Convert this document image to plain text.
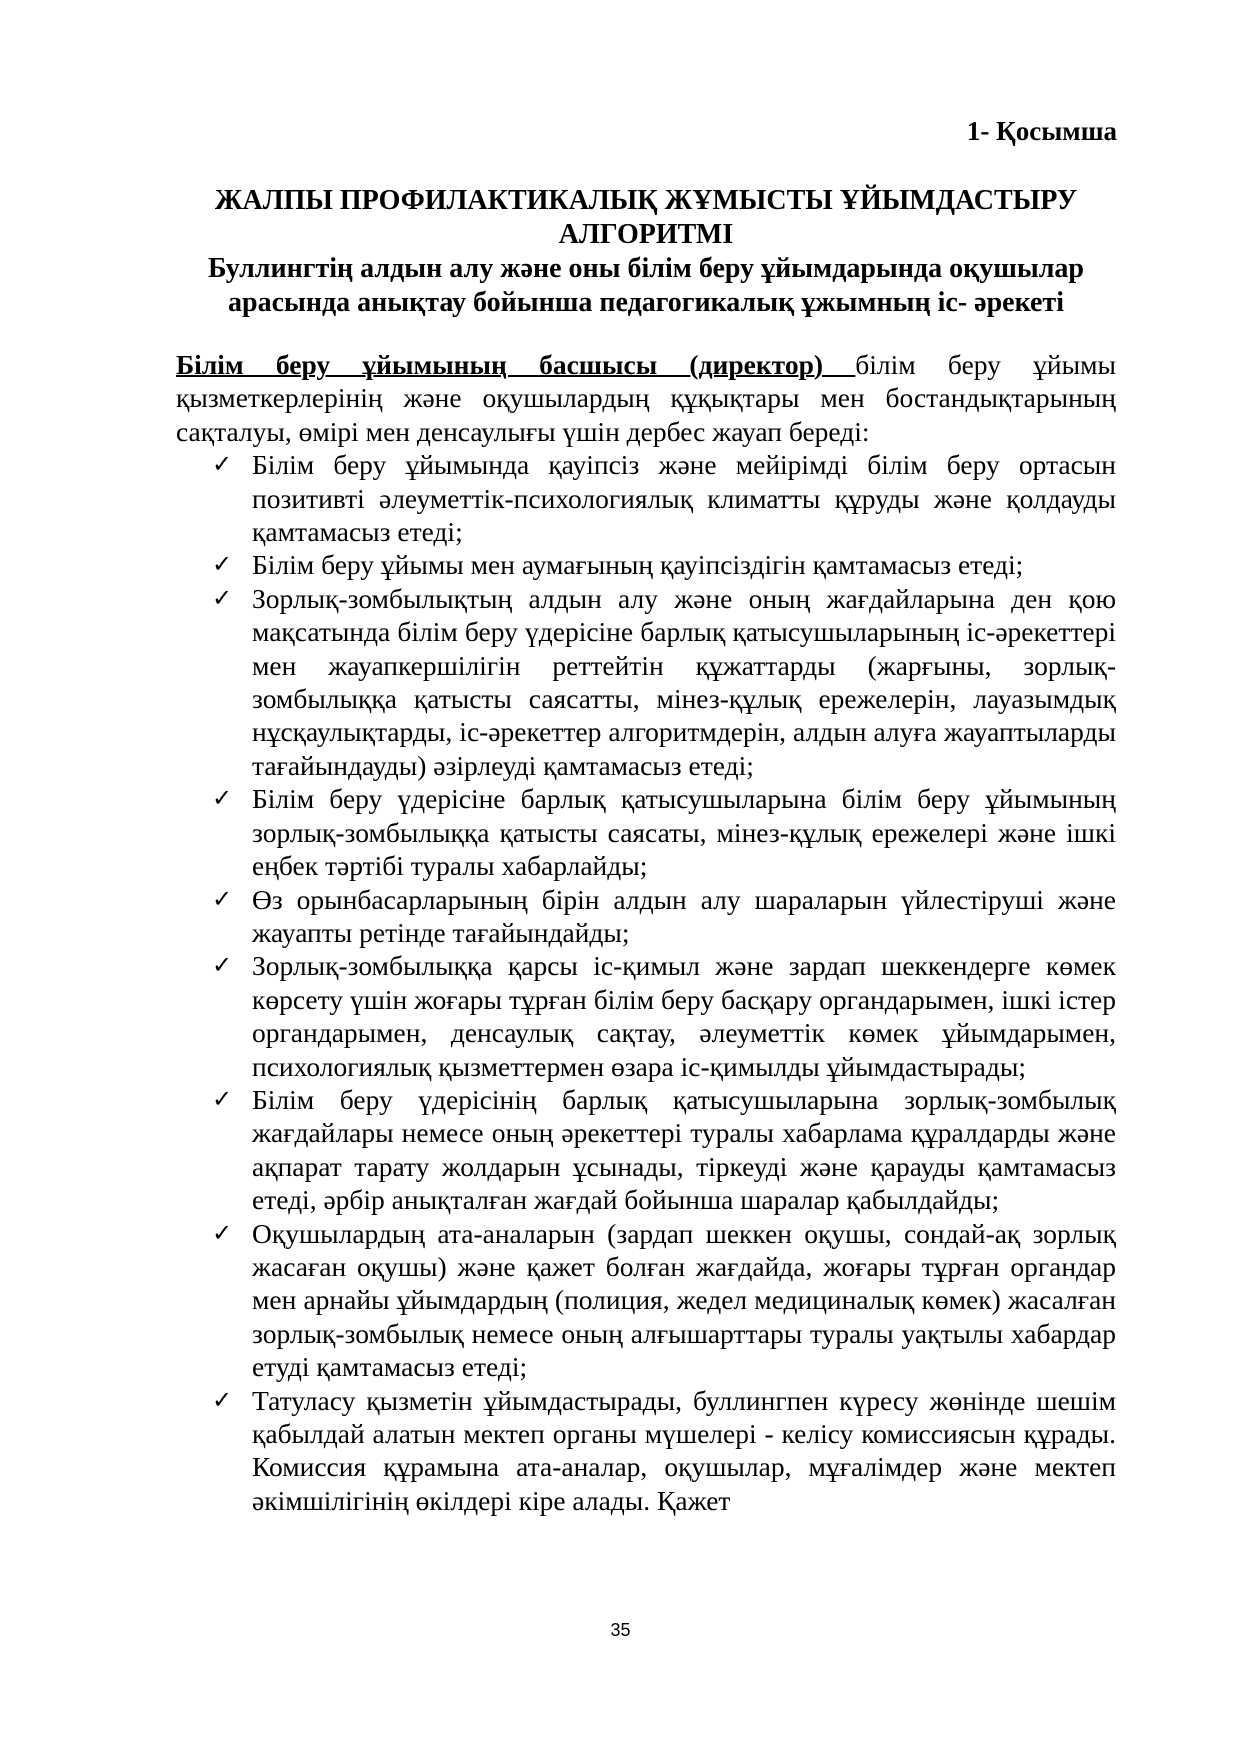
1- Қосымша
ЖАЛПЫ ПРОФИЛАКТИКАЛЫҚ ЖҰМЫСТЫ ҰЙЫМДАСТЫРУ АЛГОРИТМІ
Буллингтің алдын алу және оны білім беру ұйымдарында оқушылар арасында анықтау бойынша педагогикалық ұжымның іс- әрекеті

Білім беру ұйымының басшысы (директор) білім беру ұйымы қызметкерлерінің және оқушылардың құқықтары мен бостандықтарының сақталуы, өмірі мен денсаулығы үшін дербес жауап береді:

✓ Білім беру ұйымында қауіпсіз және мейірімді білім беру ортасын позитивті әлеуметтік-психологиялық климатты құруды және қолдауды қамтамасыз етеді;
✓ Білім беру ұйымы мен аумағының қауіпсіздігін қамтамасыз етеді;
✓ Зорлық-зомбылықтың алдын алу және оның жағдайларына ден қою мақсатында білім беру үдерісіне барлық қатысушыларының іс-әрекеттері мен жауапкершілігін реттейтін құжаттарды (жарғыны, зорлық-зомбылыққа қатысты саясатты, мінез-құлық ережелерін, лауазымдық нұсқаулықтарды, іс-әрекеттер алгоритмдерін, алдын алуға жауаптыларды тағайындауды) әзірлеуді қамтамасыз етеді;
✓ Білім беру үдерісіне барлық қатысушыларына білім беру ұйымының зорлық-зомбылыққа қатысты саясаты, мінез-құлық ережелері және ішкі еңбек тәртібі туралы хабарлайды;
✓ Өз орынбасарларының бірін алдын алу шараларын үйлестіруші және жауапты ретінде тағайындайды;
✓ Зорлық-зомбылыққа қарсы іс-қимыл және зардап шеккендерге көмек көрсету үшін жоғары тұрған білім беру басқару органдарымен, ішкі істер органдарымен, денсаулық сақтау, әлеуметтік көмек ұйымдарымен, психологиялық қызметтермен өзара іс-қимылды ұйымдастырады;
✓ Білім беру үдерісінің барлық қатысушыларына зорлық-зомбылық жағдайлары немесе оның әрекеттері туралы хабарлама құралдарды және ақпарат тарату жолдарын ұсынады, тіркеуді және қарауды қамтамасыз етеді, әрбір анықталған жағдай бойынша шаралар қабылдайды;
✓ Оқушылардың ата-аналарын (зардап шеккен оқушы, сондай-ақ зорлық жасаған оқушы) және қажет болған жағдайда, жоғары тұрған органдар мен арнайы ұйымдардың (полиция, жедел медициналық көмек) жасалған зорлық-зомбылық немесе оның алғышарттары туралы уақтылы хабардар етуді қамтамасыз етеді;
✓ Татуласу қызметін ұйымдастырады, буллингпен күресу жөнінде шешім қабылдай алатын мектеп органы мүшелері - келісу комиссиясын құрады. Комиссия құрамына ата-аналар, оқушылар, мұғалімдер және мектеп әкімшілігінің өкілдері кіре алады. Қажет
35
